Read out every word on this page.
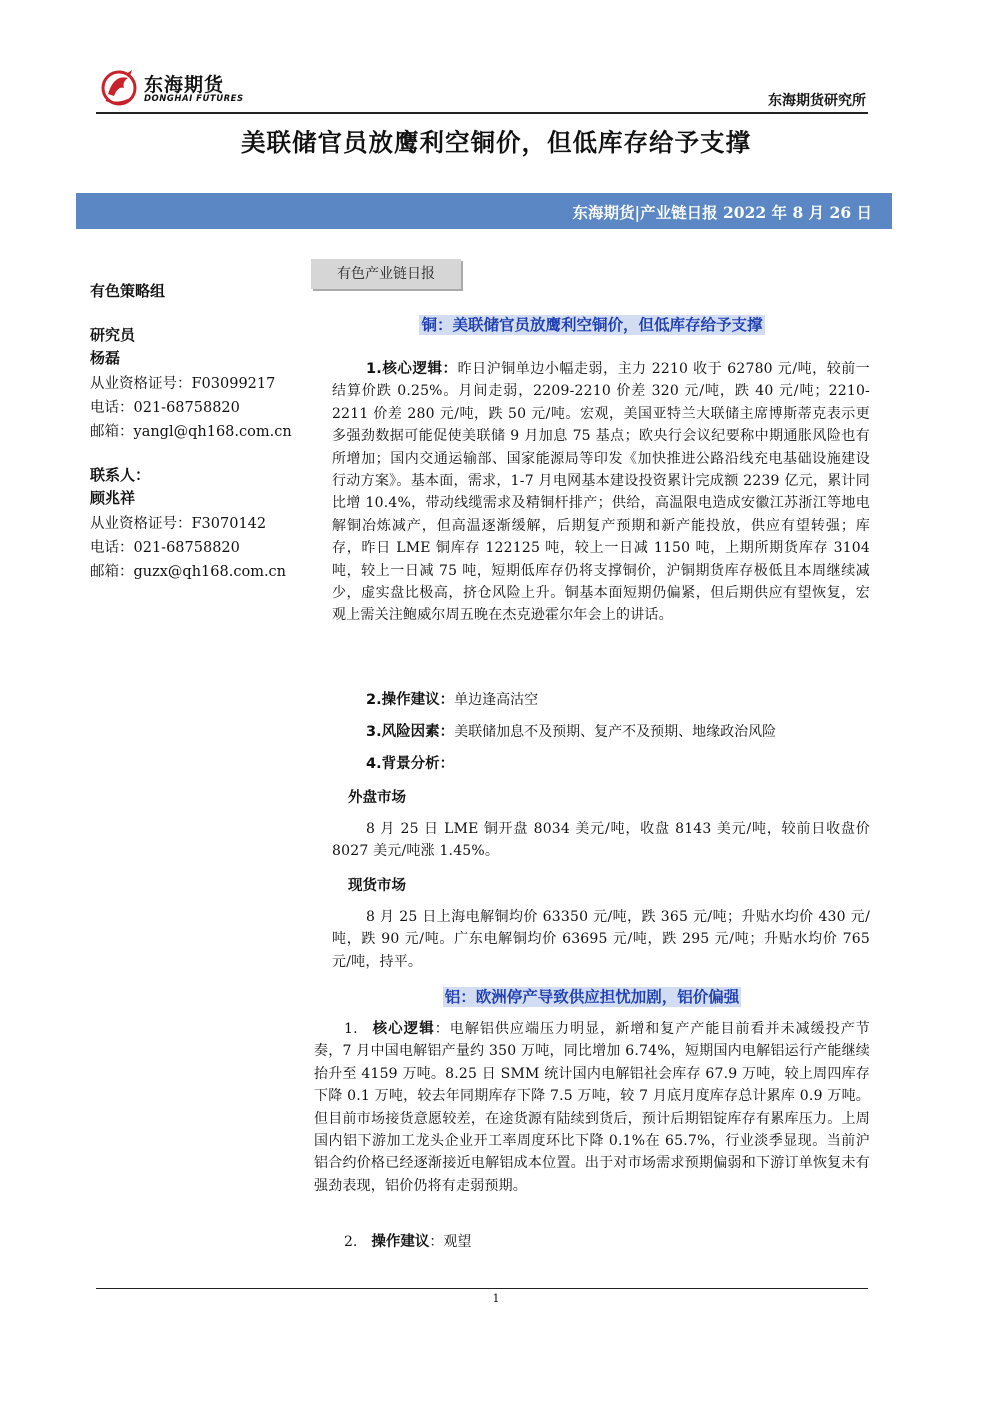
东海期货
DONGHAI FUTURES	东海期货研究所
美联储官员放鹰利空铜价，但低库存给予支撑
东海期货|产业链日报 2022 年 8 月 26 日
有色策略组
研究员
杨磊
从业资格证号：F03099217
电话：021-68758820
邮箱：yangl@qh168.com.cn
联系人：
顾兆祥
从业资格证号：F3070142
电话：021-68758820
邮箱：guzx@qh168.com.cn
有色产业链日报
铜：美联储官员放鹰利空铜价，但低库存给予支撑
1.核心逻辑：昨日沪铜单边小幅走弱，主力 2210 收于 62780 元/吨，较前一结算价跌 0.25%。月间走弱，2209-2210 价差 320 元/吨，跌 40 元/吨；2210-2211 价差 280 元/吨，跌 50 元/吨。宏观，美国亚特兰大联储主席博斯蒂克表示更多强劲数据可能促使美联储 9 月加息 75 基点；欧央行会议纪要称中期通胀风险也有所增加；国内交通运输部、国家能源局等印发《加快推进公路沿线充电基础设施建设行动方案》。基本面，需求，1-7 月电网基本建设投资累计完成额 2239 亿元，累计同比增 10.4%，带动线缆需求及精铜杆排产；供给，高温限电造成安徽江苏浙江等地电解铜冶炼减产，但高温逐渐缓解，后期复产预期和新产能投放，供应有望转强；库存，昨日 LME 铜库存 122125 吨，较上一日减 1150 吨，上期所期货库存 3104 吨，较上一日减 75 吨，短期低库存仍将支撑铜价，沪铜期货库存极低且本周继续减少，虚实盘比极高，挤仓风险上升。铜基本面短期仍偏紧，但后期供应有望恢复，宏观上需关注鲍威尔周五晚在杰克逊霍尔年会上的讲话。
2.操作建议：单边逢高沽空
3.风险因素：美联储加息不及预期、复产不及预期、地缘政治风险
4.背景分析：
外盘市场
8 月 25 日 LME 铜开盘 8034 美元/吨，收盘 8143 美元/吨，较前日收盘价 8027 美元/吨涨 1.45%。
现货市场
8 月 25 日上海电解铜均价 63350 元/吨，跌 365 元/吨；升贴水均价 430 元/吨，跌 90 元/吨。广东电解铜均价 63695 元/吨，跌 295 元/吨；升贴水均价 765 元/吨，持平。
铝：欧洲停产导致供应担忧加剧，铝价偏强
1. 核心逻辑：电解铝供应端压力明显，新增和复产产能目前看并未减缓投产节奏，7 月中国电解铝产量约 350 万吨，同比增加 6.74%，短期国内电解铝运行产能继续抬升至 4159 万吨。8.25 日 SMM 统计国内电解铝社会库存 67.9 万吨，较上周四库存下降 0.1 万吨，较去年同期库存下降 7.5 万吨，较 7 月底月度库存总计累库 0.9 万吨。但目前市场接货意愿较差，在途货源有陆续到货后，预计后期铝锭库存有累库压力。上周国内铝下游加工龙头企业开工率周度环比下降 0.1%在 65.7%，行业淡季显现。当前沪铝合约价格已经逐渐接近电解铝成本位置。出于对市场需求预期偏弱和下游订单恢复未有强劲表现，铝价仍将有走弱预期。
2. 操作建议：观望
1
